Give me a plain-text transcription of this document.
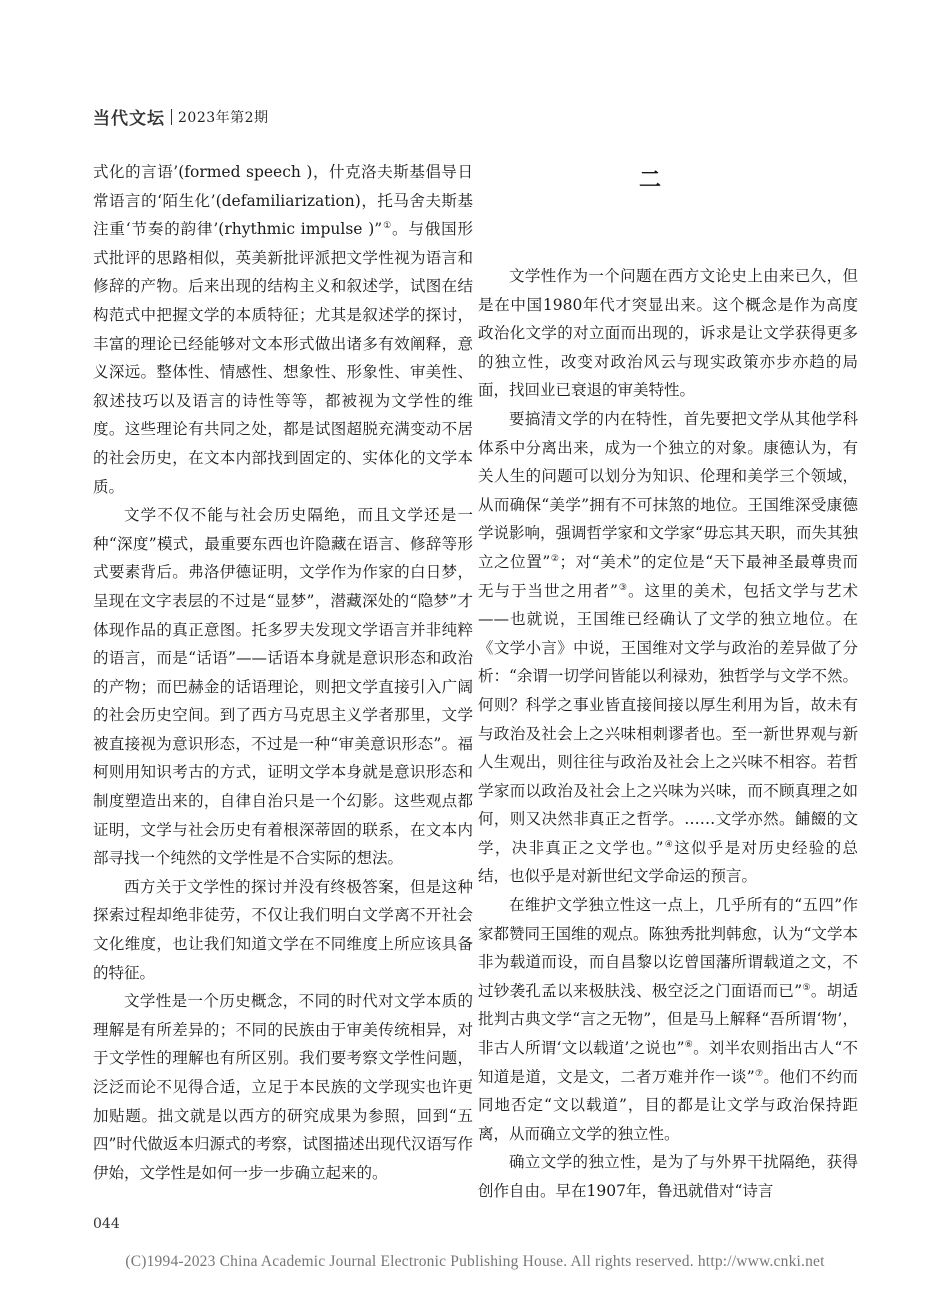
当代文坛 2023年第2期

式化的言语’(formed speech )，什克洛夫斯基倡导日常语言的‘陌生化’(defamiliarization)，托马舍夫斯基注重‘节奏的韵律’(rhythmic impulse )”①。与俄国形式批评的思路相似，英美新批评派把文学性视为语言和修辞的产物。后来出现的结构主义和叙述学，试图在结构范式中把握文学的本质特征；尤其是叙述学的探讨，丰富的理论已经能够对文本形式做出诸多有效阐释，意义深远。整体性、情感性、想象性、形象性、审美性、叙述技巧以及语言的诗性等等，都被视为文学性的维度。这些理论有共同之处，都是试图超脱充满变动不居的社会历史，在文本内部找到固定的、实体化的文学本质。

文学不仅不能与社会历史隔绝，而且文学还是一种“深度”模式，最重要东西也许隐藏在语言、修辞等形式要素背后。弗洛伊德证明，文学作为作家的白日梦，呈现在文字表层的不过是“显梦”，潜藏深处的“隐梦”才体现作品的真正意图。托多罗夫发现文学语言并非纯粹的语言，而是“话语”——话语本身就是意识形态和政治的产物；而巴赫金的话语理论，则把文学直接引入广阔的社会历史空间。到了西方马克思主义学者那里，文学被直接视为意识形态，不过是一种“审美意识形态”。福柯则用知识考古的方式，证明文学本身就是意识形态和制度塑造出来的，自律自治只是一个幻影。这些观点都证明，文学与社会历史有着根深蒂固的联系，在文本内部寻找一个纯然的文学性是不合实际的想法。

西方关于文学性的探讨并没有终极答案，但是这种探索过程却绝非徒劳，不仅让我们明白文学离不开社会文化维度，也让我们知道文学在不同维度上所应该具备的特征。

文学性是一个历史概念，不同的时代对文学本质的理解是有所差异的；不同的民族由于审美传统相异，对于文学性的理解也有所区别。我们要考察文学性问题，泛泛而论不见得合适，立足于本民族的文学现实也许更加贴题。拙文就是以西方的研究成果为参照，回到“五四”时代做返本归源式的考察，试图描述出现代汉语写作伊始，文学性是如何一步一步确立起来的。

二

文学性作为一个问题在西方文论史上由来已久，但是在中国1980年代才突显出来。这个概念是作为高度政治化文学的对立面而出现的，诉求是让文学获得更多的独立性，改变对政治风云与现实政策亦步亦趋的局面，找回业已衰退的审美特性。

要搞清文学的内在特性，首先要把文学从其他学科体系中分离出来，成为一个独立的对象。康德认为，有关人生的问题可以划分为知识、伦理和美学三个领域，从而确保“美学”拥有不可抹煞的地位。王国维深受康德学说影响，强调哲学家和文学家“毋忘其天职，而失其独立之位置”②；对“美术”的定位是“天下最神圣最尊贵而无与于当世之用者”③。这里的美术，包括文学与艺术——也就说，王国维已经确认了文学的独立地位。在《文学小言》中说，王国维对文学与政治的差异做了分析：“余谓一切学问皆能以利禄劝，独哲学与文学不然。何则？科学之事业皆直接间接以厚生利用为旨，故未有与政治及社会上之兴味相刺谬者也。至一新世界观与新人生观出，则往往与政治及社会上之兴味不相容。若哲学家而以政治及社会上之兴味为兴味，而不顾真理之如何，则又决然非真正之哲学。……文学亦然。餔餟的文学，决非真正之文学也。”④这似乎是对历史经验的总结，也似乎是对新世纪文学命运的预言。

在维护文学独立性这一点上，几乎所有的“五四”作家都赞同王国维的观点。陈独秀批判韩愈，认为“文学本非为载道而设，而自昌黎以讫曾国藩所谓载道之文，不过钞袭孔孟以来极肤浅、极空泛之门面语而已”⑤。胡适批判古典文学“言之无物”，但是马上解释“吾所谓‘物’，非古人所谓‘文以载道’之说也”⑥。刘半农则指出古人“不知道是道，文是文，二者万难并作一谈”⑦。他们不约而同地否定“文以载道”，目的都是让文学与政治保持距离，从而确立文学的独立性。

确立文学的独立性，是为了与外界干扰隔绝，获得创作自由。早在1907年，鲁迅就借对“诗言

044
(C)1994-2023 China Academic Journal Electronic Publishing House. All rights reserved. http://www.cnki.net
